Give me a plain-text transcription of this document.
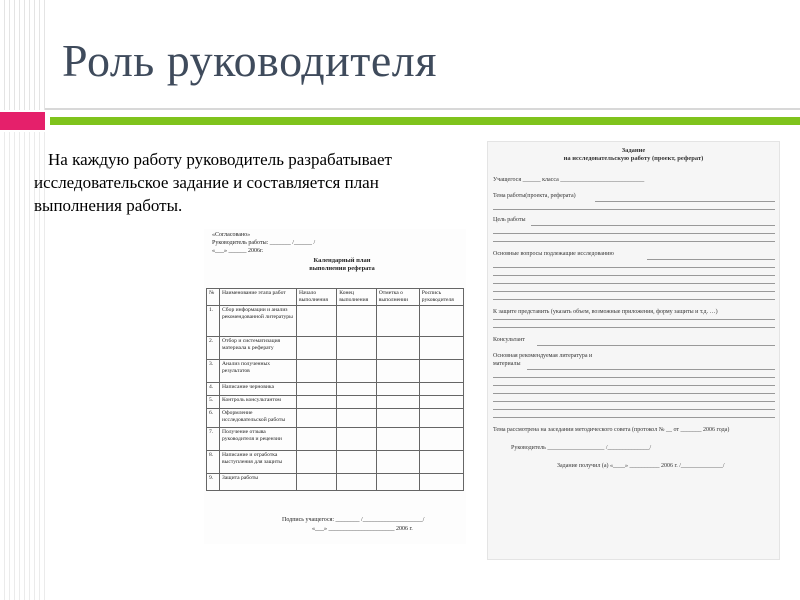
Роль руководителя
На каждую работу руководитель разрабатывает исследовательское задание и составляется план выполнения работы.
«Согласовано»
Руководитель работы: _______ /______ /
«___» ______ 2006г.
Календарный план
выполнения реферата
№	Наименование этапа работ	Начало выполнения	Конец выполнения	Отметка о выполнении	Роспись руководителя
1.	Сбор информации и анализ рекомендованной литературы				
2.	Отбор и систематизация материала к реферату				
3.	Анализ полученных результатов				
4.	Написание черновика				
5.	Контроль консультантом				
6.	Оформление исследовательской работы				
7.	Получение отзыва руководителя и рецензии				
8.	Написание и отработка выступления для защиты				
9.	Защита работы				
Подпись учащегося: ________ /____________________/
«___» ______________________ 2006 г.
Задание
на исследовательскую работу (проект, реферат)
Учащегося ______ класса ____________________________
Тема работы(проекта, реферата)
Цель работы
Основные вопросы подлежащие исследованию
К защите представить (указать объем, возможные приложения, форму защиты и т.д. …)
Консультант
Основная рекомендуемая литература и
материалы
Тема рассмотрена на заседании методического совета (протокол № __ от _______ 2006 года)
Руководитель ___________________ /______________/
Задание получил (а) «____» __________ 2006 г. /______________/
